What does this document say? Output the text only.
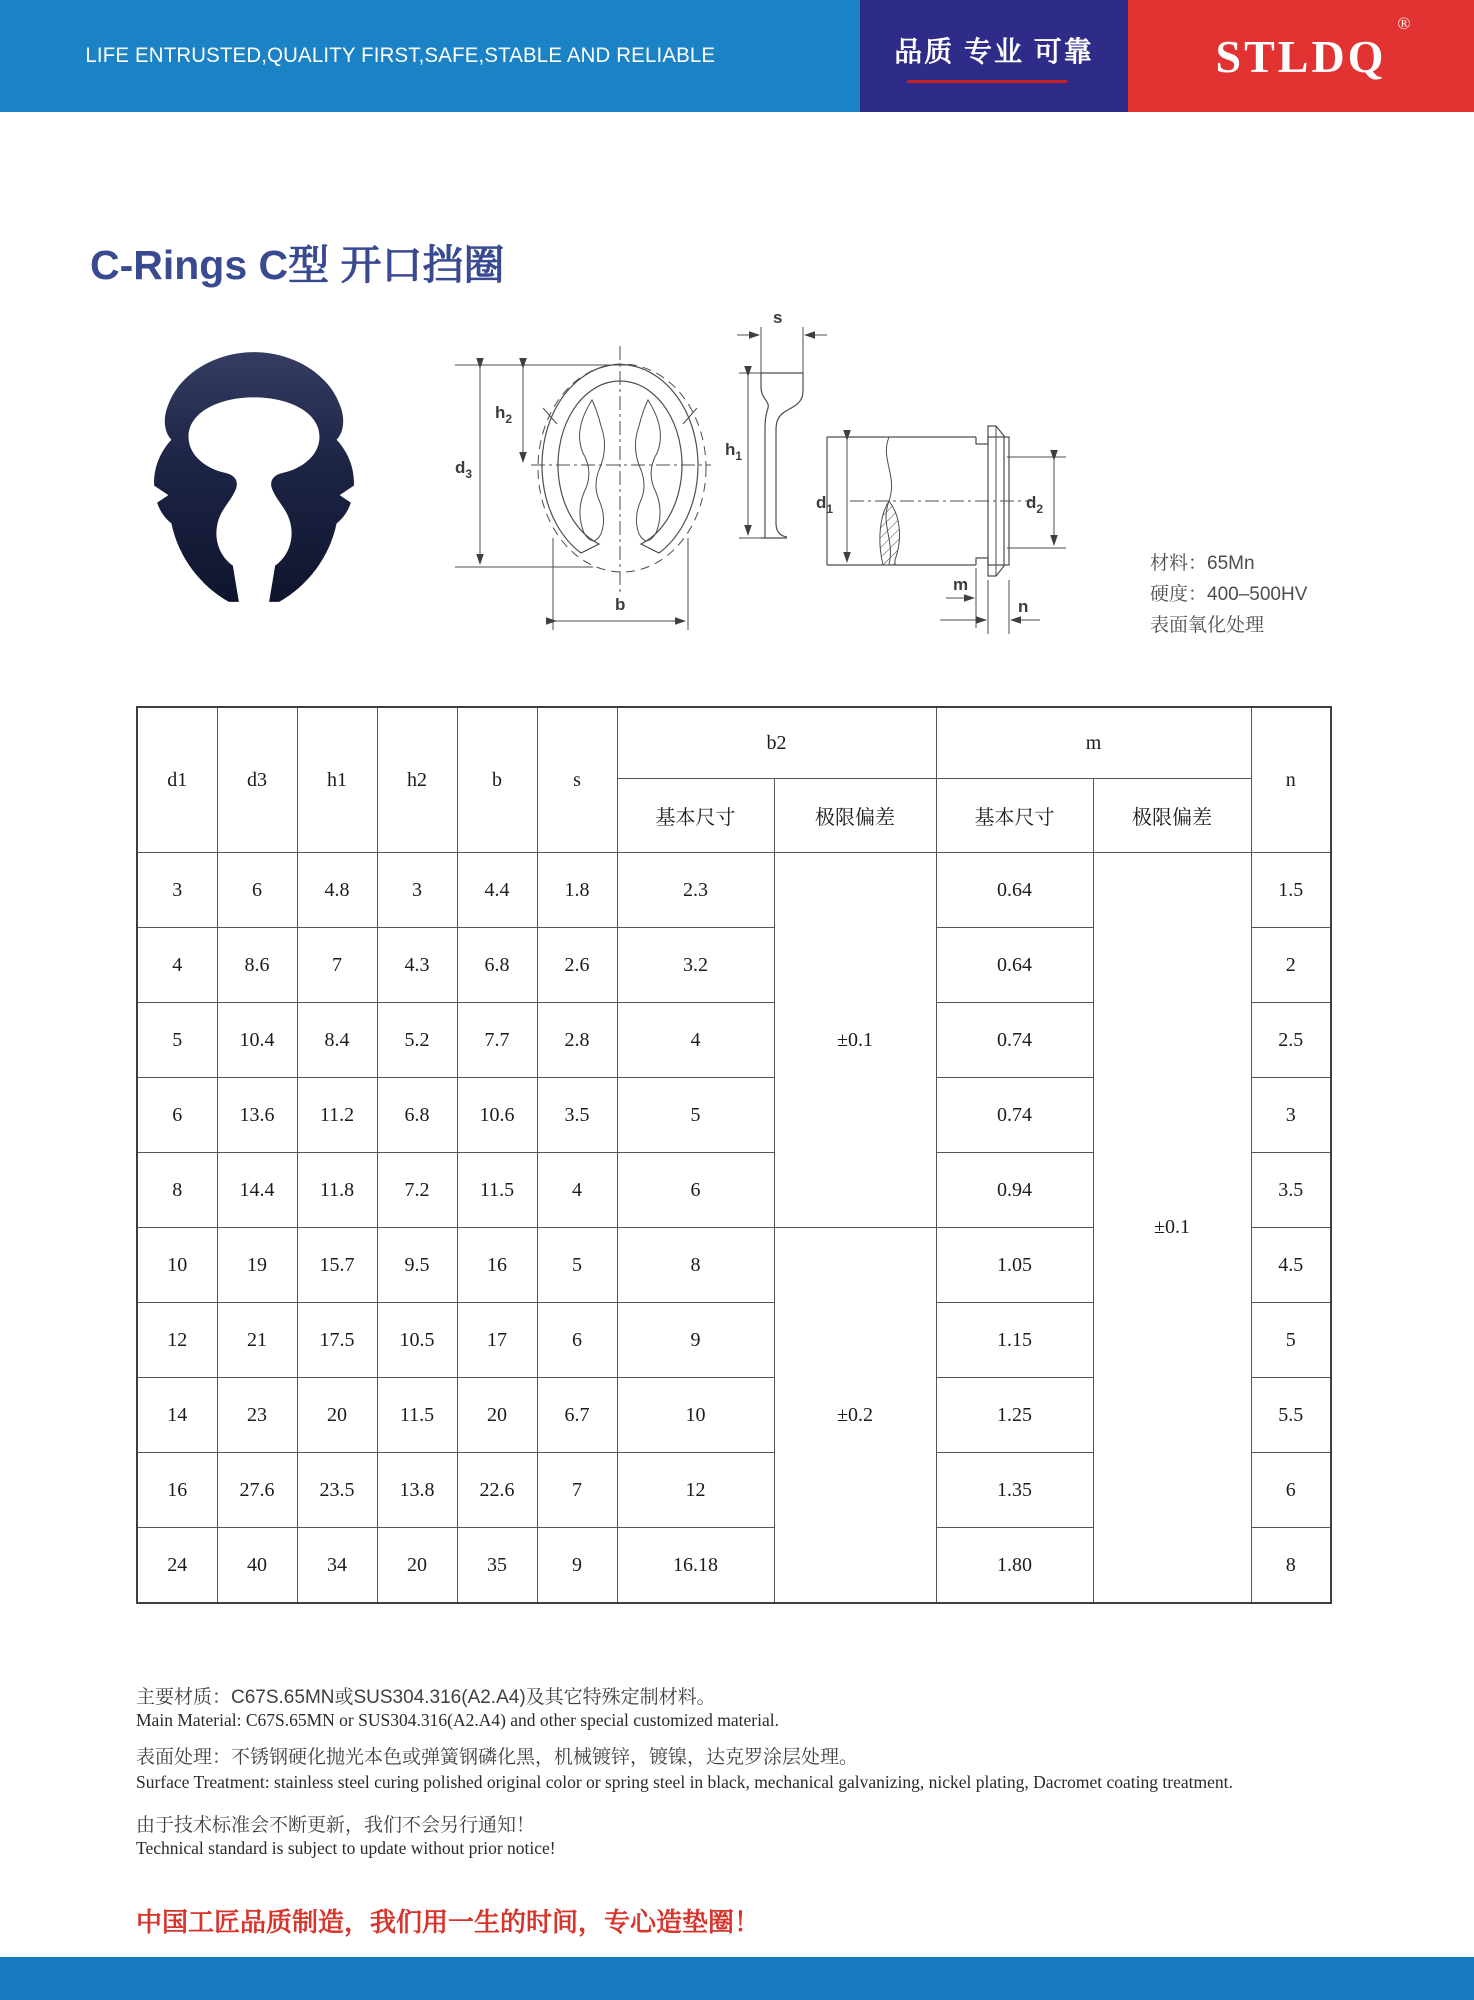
LIFE ENTRUSTED,QUALITY FIRST,SAFE,STABLE AND RELIABLE	品质 专业 可靠	STLDQ
®
C-Rings C型 开口挡圈
$d_3$
$h_2$
b
s
$h_1$
$d_1$	$d_2$
m
n
材料：65Mn
硬度：400–500HV
表面氧化处理
d1	d3	h1	h2	b	s	b2		m		n
						基本尺寸	极限偏差	基本尺寸	极限偏差	
3	6	4.8	3	4.4	1.8	2.3	±0.1	0.64	±0.1	1.5
4	8.6	7	4.3	6.8	2.6	3.2		0.64		2
5	10.4	8.4	5.2	7.7	2.8	4		0.74		2.5
6	13.6	11.2	6.8	10.6	3.5	5		0.74		3
8	14.4	11.8	7.2	11.5	4	6		0.94		3.5
10	19	15.7	9.5	16	5	8	±0.2	1.05		4.5
12	21	17.5	10.5	17	6	9		1.15		5
14	23	20	11.5	20	6.7	10		1.25		5.5
16	27.6	23.5	13.8	22.6	7	12		1.35		6
24	40	34	20	35	9	16.18		1.80		8
主要材质：C67S.65MN或SUS304.316(A2.A4)及其它特殊定制材料。
Main Material: C67S.65MN or SUS304.316(A2.A4) and other special customized material.
表面处理：不锈钢硬化抛光本色或弹簧钢磷化黑，机械镀锌，镀镍，达克罗涂层处理。
Surface Treatment: stainless steel curing polished original color or spring steel in black, mechanical galvanizing, nickel plating, Dacromet coating treatment.
由于技术标准会不断更新，我们不会另行通知！
Technical standard is subject to update without prior notice!
中国工匠品质制造，我们用一生的时间，专心造垫圈！
